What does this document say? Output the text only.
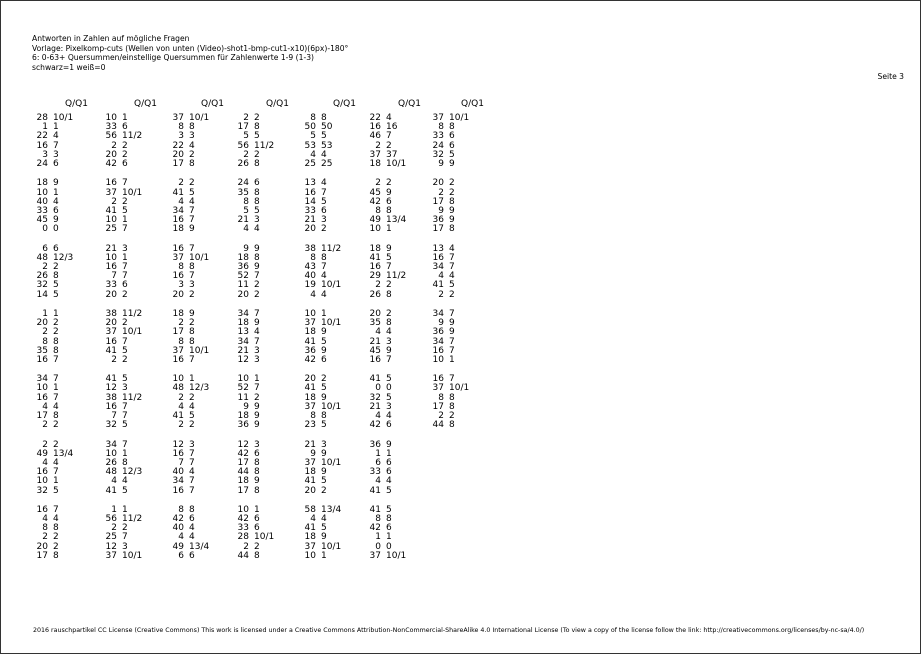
Antworten in Zahlen auf mögliche Fragen
Vorlage: Pixelkomp-cuts (Wellen von unten (Video)-shot1-bmp-cut1-x10)(6px)-180°
6: 0-63+ Quersummen/einstellige Quersummen für Zahlenwerte 1-9 (1-3)
schwarz=1 weiß=0
Seite 3
Q/Q1
28 10/1
1 1
22 4
16 7
3 3
24 6
18 9
10 1
40 4
33 6
45 9
0 0
6 6
48 12/3
2 2
26 8
32 5
14 5
1 1
20 2
2 2
8 8
35 8
16 7
34 7
10 1
16 7
4 4
17 8
2 2
2 2
49 13/4
4 4
16 7
10 1
32 5
16 7
4 4
8 8
2 2
20 2
17 8
Q/Q1
10 1
33 6
56 11/2
2 2
20 2
42 6
16 7
37 10/1
2 2
41 5
10 1
25 7
21 3
10 1
16 7
7 7
33 6
20 2
38 11/2
20 2
37 10/1
16 7
41 5
2 2
41 5
12 3
38 11/2
16 7
7 7
32 5
34 7
10 1
26 8
48 12/3
4 4
41 5
1 1
56 11/2
2 2
25 7
12 3
37 10/1
Q/Q1
37 10/1
8 8
3 3
22 4
20 2
17 8
2 2
41 5
4 4
34 7
16 7
18 9
16 7
37 10/1
8 8
16 7
3 3
20 2
18 9
2 2
17 8
8 8
37 10/1
16 7
10 1
48 12/3
2 2
4 4
41 5
2 2
12 3
16 7
7 7
40 4
34 7
16 7
8 8
42 6
40 4
4 4
49 13/4
6 6
Q/Q1
2 2
17 8
5 5
56 11/2
2 2
26 8
24 6
35 8
8 8
5 5
21 3
4 4
9 9
18 8
36 9
52 7
11 2
20 2
34 7
18 9
13 4
34 7
21 3
12 3
10 1
52 7
11 2
9 9
18 9
36 9
12 3
42 6
17 8
44 8
18 9
17 8
10 1
42 6
33 6
28 10/1
2 2
44 8
Q/Q1
8 8
50 50
5 5
53 53
4 4
25 25
13 4
16 7
14 5
33 6
21 3
20 2
38 11/2
8 8
43 7
40 4
19 10/1
4 4
10 1
37 10/1
18 9
41 5
36 9
42 6
20 2
41 5
18 9
37 10/1
8 8
23 5
21 3
9 9
37 10/1
18 9
41 5
20 2
58 13/4
4 4
41 5
18 9
37 10/1
10 1
Q/Q1
22 4
16 16
46 7
2 2
37 37
18 10/1
2 2
45 9
42 6
8 8
49 13/4
10 1
18 9
41 5
16 7
29 11/2
2 2
26 8
20 2
35 8
4 4
21 3
45 9
16 7
41 5
0 0
32 5
21 3
4 4
42 6
36 9
1 1
6 6
33 6
4 4
41 5
41 5
8 8
42 6
1 1
0 0
37 10/1
Q/Q1
37 10/1
8 8
33 6
24 6
32 5
9 9
20 2
2 2
17 8
9 9
36 9
17 8
13 4
16 7
34 7
4 4
41 5
2 2
34 7
9 9
36 9
34 7
16 7
10 1
16 7
37 10/1
8 8
17 8
2 2
44 8
2016 rauschpartikel CC License (Creative Commons) This work is licensed under a Creative Commons Attribution-NonCommercial-ShareAlike 4.0 International License (To view a copy of the license follow the link: http://creativecommons.org/licenses/by-nc-sa/4.0/)
